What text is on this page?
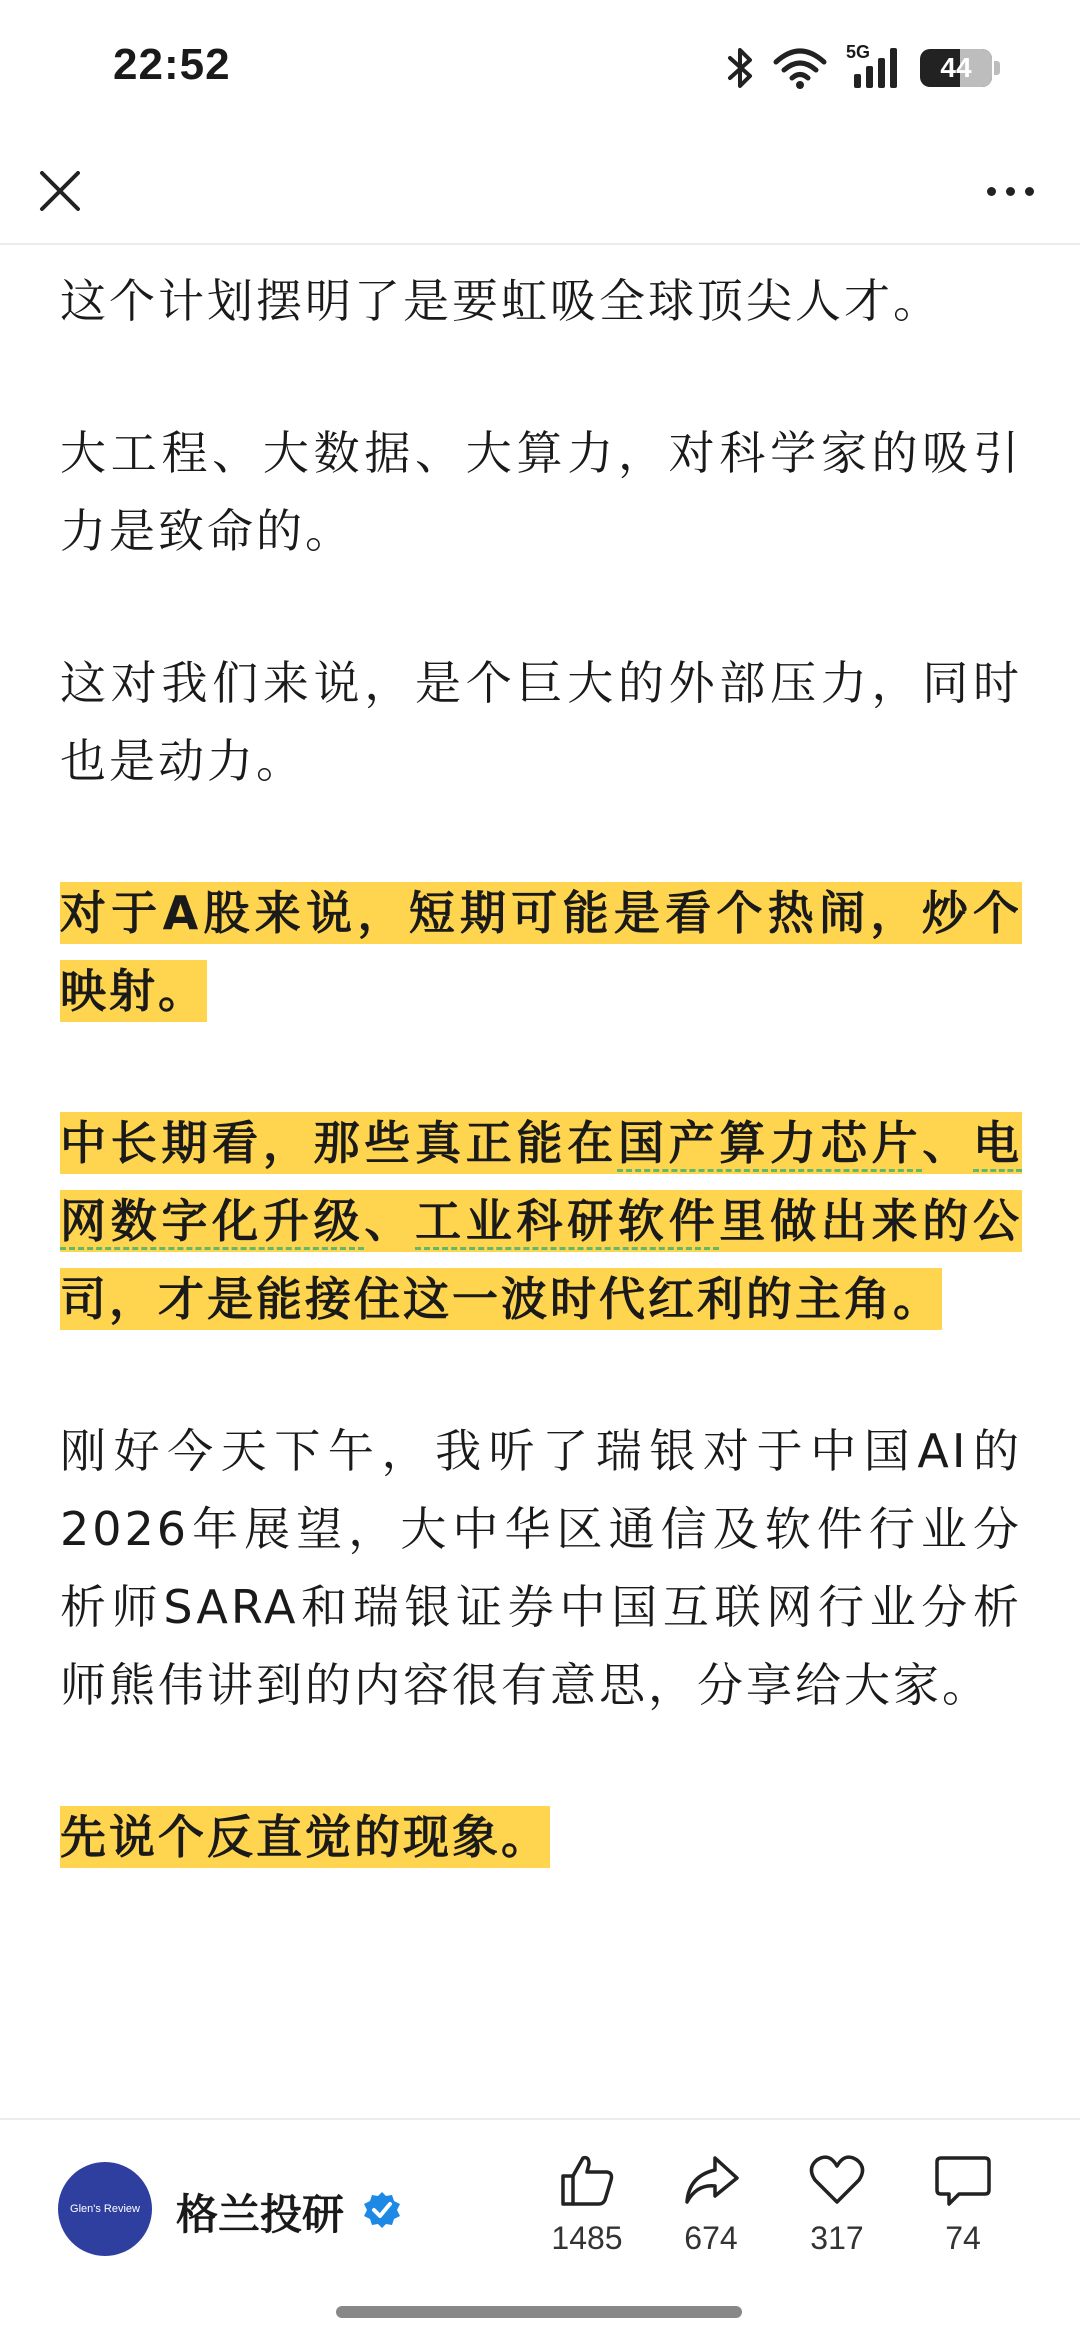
22:52	5G	44

这个计划摆明了是要虹吸全球顶尖人才。

大工程、大数据、大算力，对科学家的吸引力是致命的。

这对我们来说，是个巨大的外部压力，同时也是动力。

对于A股来说，短期可能是看个热闹，炒个映射。

中长期看，那些真正能在国产算力芯片、电网数字化升级、工业科研软件里做出来的公司，才是能接住这一波时代红利的主角。

刚好今天下午，我听了瑞银对于中国AI的2026年展望，大中华区通信及软件行业分析师SARA和瑞银证券中国互联网行业分析师熊伟讲到的内容很有意思，分享给大家。

先说个反直觉的现象。

Glen's Review 格兰投研	1485	674	317	74
